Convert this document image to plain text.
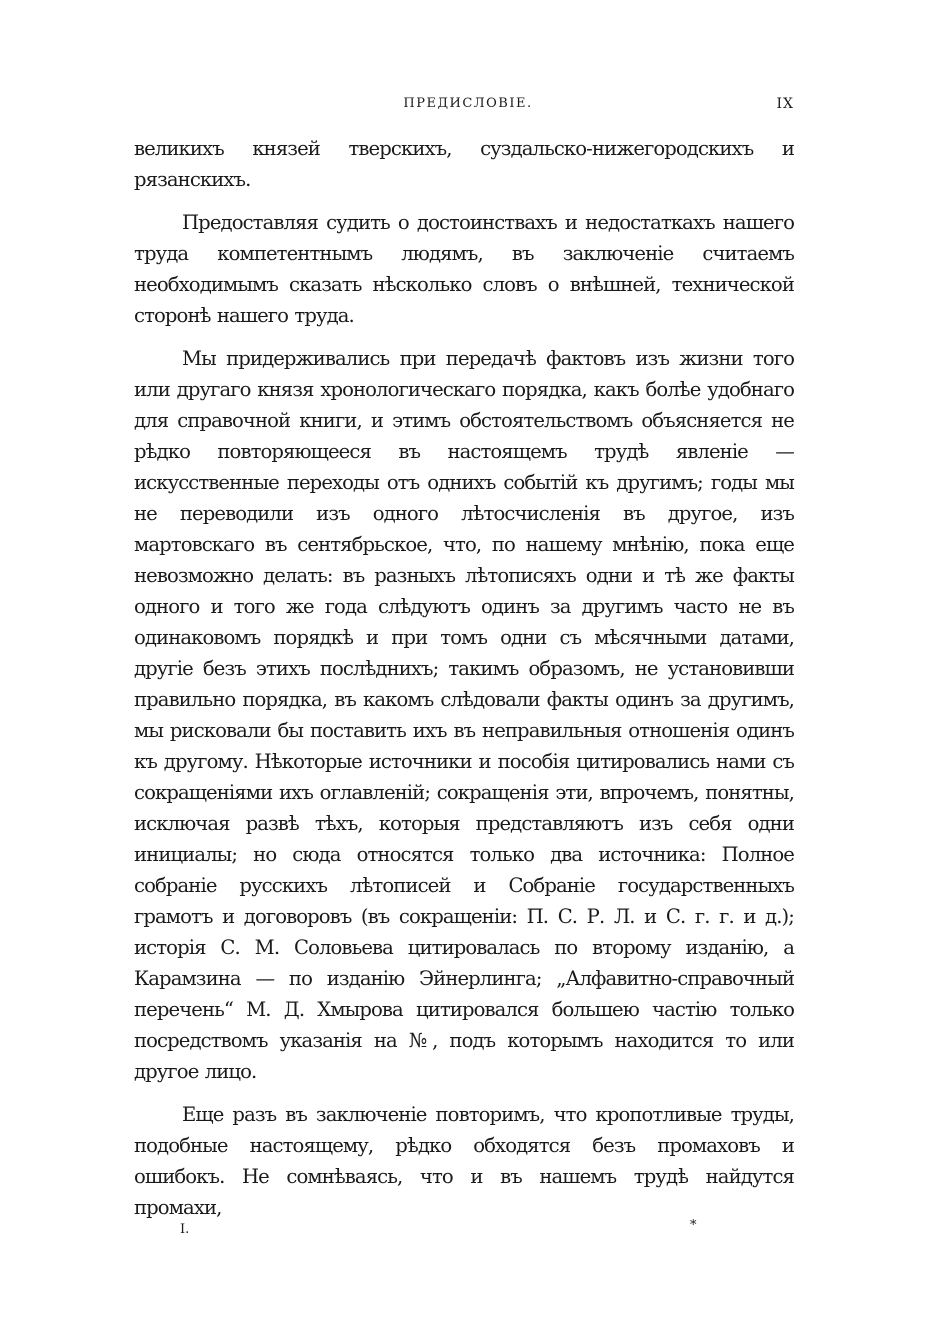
ПРЕДИСЛОВІЕ.	IX

великихъ князей тверскихъ, суздальско-нижегородскихъ и рязанскихъ.

Предоставляя судить о достоинствахъ и недостаткахъ нашего труда компетентнымъ людямъ, въ заключеніе считаемъ необходимымъ сказать нѣсколько словъ о внѣшней, технической сторонѣ нашего труда.

Мы придерживались при передачѣ фактовъ изъ жизни того или другаго князя хронологическаго порядка, какъ болѣе удобнаго для справочной книги, и этимъ обстоятельствомъ объясняется не рѣдко повторяющееся въ настоящемъ трудѣ явленіе — искусственные переходы отъ однихъ событій къ другимъ; годы мы не переводили изъ одного лѣтосчисленія въ другое, изъ мартовскаго въ сентябрьское, что, по нашему мнѣнію, пока еще невозможно делать: въ разныхъ лѣтописяхъ одни и тѣ же факты одного и того же года слѣдуютъ одинъ за другимъ часто не въ одинаковомъ порядкѣ и при томъ одни съ мѣсячными датами, другіе безъ этихъ послѣднихъ; такимъ образомъ, не установивши правильно порядка, въ какомъ слѣдовали факты одинъ за другимъ, мы рисковали бы поставить ихъ въ неправильныя отношенія одинъ къ другому. Нѣкоторые источники и пособія цитировались нами съ сокращеніями ихъ оглавленій; сокращенія эти, впрочемъ, понятны, исключая развѣ тѣхъ, которыя представляютъ изъ себя одни инициалы; но сюда относятся только два источника: Полное собраніе русскихъ лѣтописей и Собраніе государственныхъ грамотъ и договоровъ (въ сокращеніи: П. С. Р. Л. и С. г. г. и д.); исторія С. М. Соловьева цитировалась по второму изданію, а Карамзина — по изданію Эйнерлинга; „Алфавитно-справочный перечень“ М. Д. Хмырова цитировался большею частію только посредствомъ указанія на №, подъ которымъ находится то или другое лицо.

Еще разъ въ заключеніе повторимъ, что кропотливые труды, подобные настоящему, рѣдко обходятся безъ промаховъ и ошибокъ. Не сомнѣваясь, что и въ нашемъ трудѣ найдутся промахи,

I.	*
